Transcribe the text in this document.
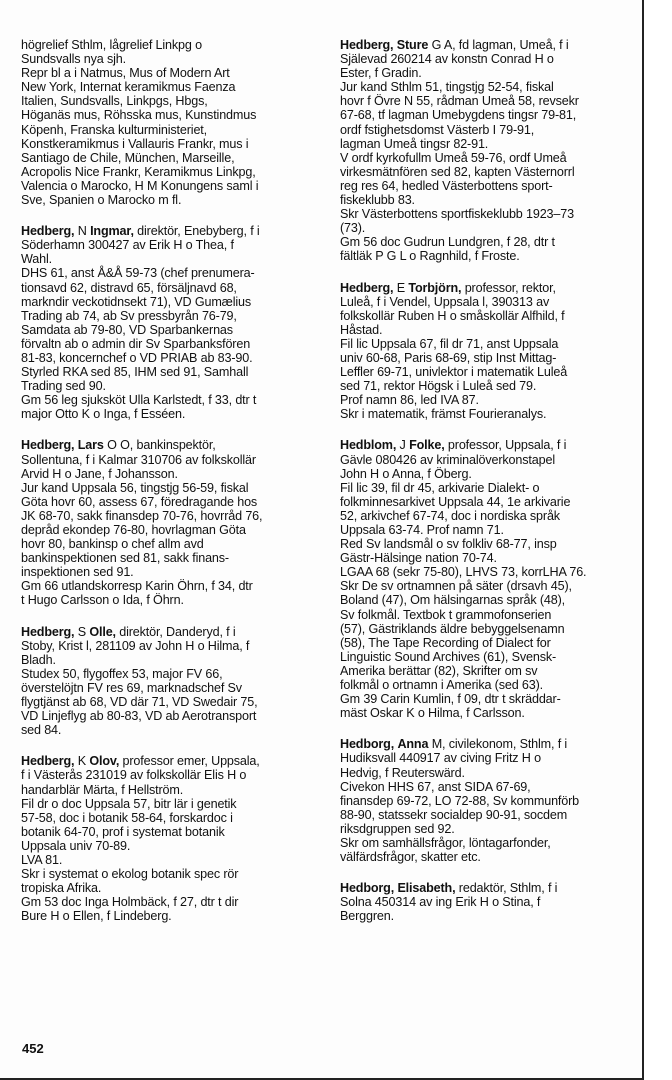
högrelief Sthlm, lågrelief Linkpg o
Sundsvalls nya sjh.

Repr bl a i Natmus, Mus of Modern Art
New York, Internat keramikmus Faenza
Italien, Sundsvalls, Linkpgs, Hbgs,
Höganäs mus, Röhsska mus, Kunstindmus
Köpenh, Franska kulturministeriet,
Konstkeramikmus i Vallauris Frankr, mus i
Santiago de Chile, München, Marseille,
Acropolis Nice Frankr, Keramikmus Linkpg,
Valencia o Marocko, H M Konungens saml i
Sve, Spanien o Marocko m fl.

Hedberg, N Ingmar, direktör, Enebyberg, f i
Söderhamn 300427 av Erik H o Thea, f
Wahl.

DHS 61, anst Å&Å 59-73 (chef prenumera-
tionsavd 62, distravd 65, försäljnavd 68,
markndir veckotidnsekt 71), VD Gumælius
Trading ab 74, ab Sv pressbyrån 76-79,
Samdata ab 79-80, VD Sparbankernas
förvaltn ab o admin dir Sv Sparbanksfören
81-83, koncernchef o VD PRIAB ab 83-90.
Styrled RKA sed 85, IHM sed 91, Samhall
Trading sed 90.

Gm 56 leg sjuksköt Ulla Karlstedt, f 33, dtr t
major Otto K o Inga, f Esséen.

Hedberg, Lars O O, bankinspektör,
Sollentuna, f i Kalmar 310706 av folkskollär
Arvid H o Jane, f Johansson.

Jur kand Uppsala 56, tingstjg 56-59, fiskal
Göta hovr 60, assess 67, föredragande hos
JK 68-70, sakk finansdep 70-76, hovrråd 76,
depråd ekondep 76-80, hovrlagman Göta
hovr 80, bankinsp o chef allm avd
bankinspektionen sed 81, sakk finans-
inspektionen sed 91.

Gm 66 utlandskorresp Karin Öhrn, f 34, dtr
t Hugo Carlsson o Ida, f Öhrn.

Hedberg, S Olle, direktör, Danderyd, f i
Stoby, Krist l, 281109 av John H o Hilma, f
Bladh.

Studex 50, flygoffex 53, major FV 66,
överstelöjtn FV res 69, marknadschef Sv
flygtjänst ab 68, VD där 71, VD Swedair 75,
VD Linjeflyg ab 80-83, VD ab Aerotransport
sed 84.

Hedberg, K Olov, professor emer, Uppsala,
f i Västerås 231019 av folkskollär Elis H o
handarblär Märta, f Hellström.

Fil dr o doc Uppsala 57, bitr lär i genetik
57-58, doc i botanik 58-64, forskardoc i
botanik 64-70, prof i systemat botanik
Uppsala univ 70-89.

LVA 81.

Skr i systemat o ekolog botanik spec rör
tropiska Afrika.

Gm 53 doc Inga Holmbäck, f 27, dtr t dir
Bure H o Ellen, f Lindeberg.

Hedberg, Sture G A, fd lagman, Umeå, f i
Själevad 260214 av konstn Conrad H o
Ester, f Gradin.

Jur kand Sthlm 51, tingstjg 52-54, fiskal
hovr f Övre N 55, rådman Umeå 58, revsekr
67-68, tf lagman Umebygdens tingsr 79-81,
ordf fstighetsdomst Västerb I 79-91,
lagman Umeå tingsr 82-91.

V ordf kyrkofullm Umeå 59-76, ordf Umeå
virkesmätnfören sed 82, kapten Västernorrl
reg res 64, hedled Västerbottens sport-
fiskeklubb 83.

Skr Västerbottens sportfiskeklubb 1923–73
(73).

Gm 56 doc Gudrun Lundgren, f 28, dtr t
fältläk P G L o Ragnhild, f Froste.

Hedberg, E Torbjörn, professor, rektor,
Luleå, f i Vendel, Uppsala l, 390313 av
folkskollär Ruben H o småskollär Alfhild, f
Håstad.

Fil lic Uppsala 67, fil dr 71, anst Uppsala
univ 60-68, Paris 68-69, stip Inst Mittag-
Leffler 69-71, univlektor i matematik Luleå
sed 71, rektor Högsk i Luleå sed 79.

Prof namn 86, led IVA 87.

Skr i matematik, främst Fourieranalys.

Hedblom, J Folke, professor, Uppsala, f i
Gävle 080426 av kriminalöverkonstapel
John H o Anna, f Öberg.

Fil lic 39, fil dr 45, arkivarie Dialekt- o
folkminnesarkivet Uppsala 44, 1e arkivarie
52, arkivchef 67-74, doc i nordiska språk
Uppsala 63-74. Prof namn 71.

Red Sv landsmål o sv folkliv 68-77, insp
Gästr-Hälsinge nation 70-74.

LGAA 68 (sekr 75-80), LHVS 73, korrLHA 76.
Skr De sv ortnamnen på säter (drsavh 45),
Boland (47), Om hälsingarnas språk (48),
Sv folkmål. Textbok t grammofonserien
(57), Gästriklands äldre bebyggelsenamn
(58), The Tape Recording of Dialect for
Linguistic Sound Archives (61), Svensk-
Amerika berättar (82), Skrifter om sv
folkmål o ortnamn i Amerika (sed 63).

Gm 39 Carin Kumlin, f 09, dtr t skräddar-
mäst Oskar K o Hilma, f Carlsson.

Hedborg, Anna M, civilekonom, Sthlm, f i
Hudiksvall 440917 av civing Fritz H o
Hedvig, f Reuterswärd.

Civekon HHS 67, anst SIDA 67-69,
finansdep 69-72, LO 72-88, Sv kommunförb
88-90, statssekr socialdep 90-91, socdem
riksdgruppen sed 92.

Skr om samhällsfrågor, löntagarfonder,
välfärdsfrågor, skatter etc.

Hedborg, Elisabeth, redaktör, Sthlm, f i
Solna 450314 av ing Erik H o Stina, f
Berggren.
452
